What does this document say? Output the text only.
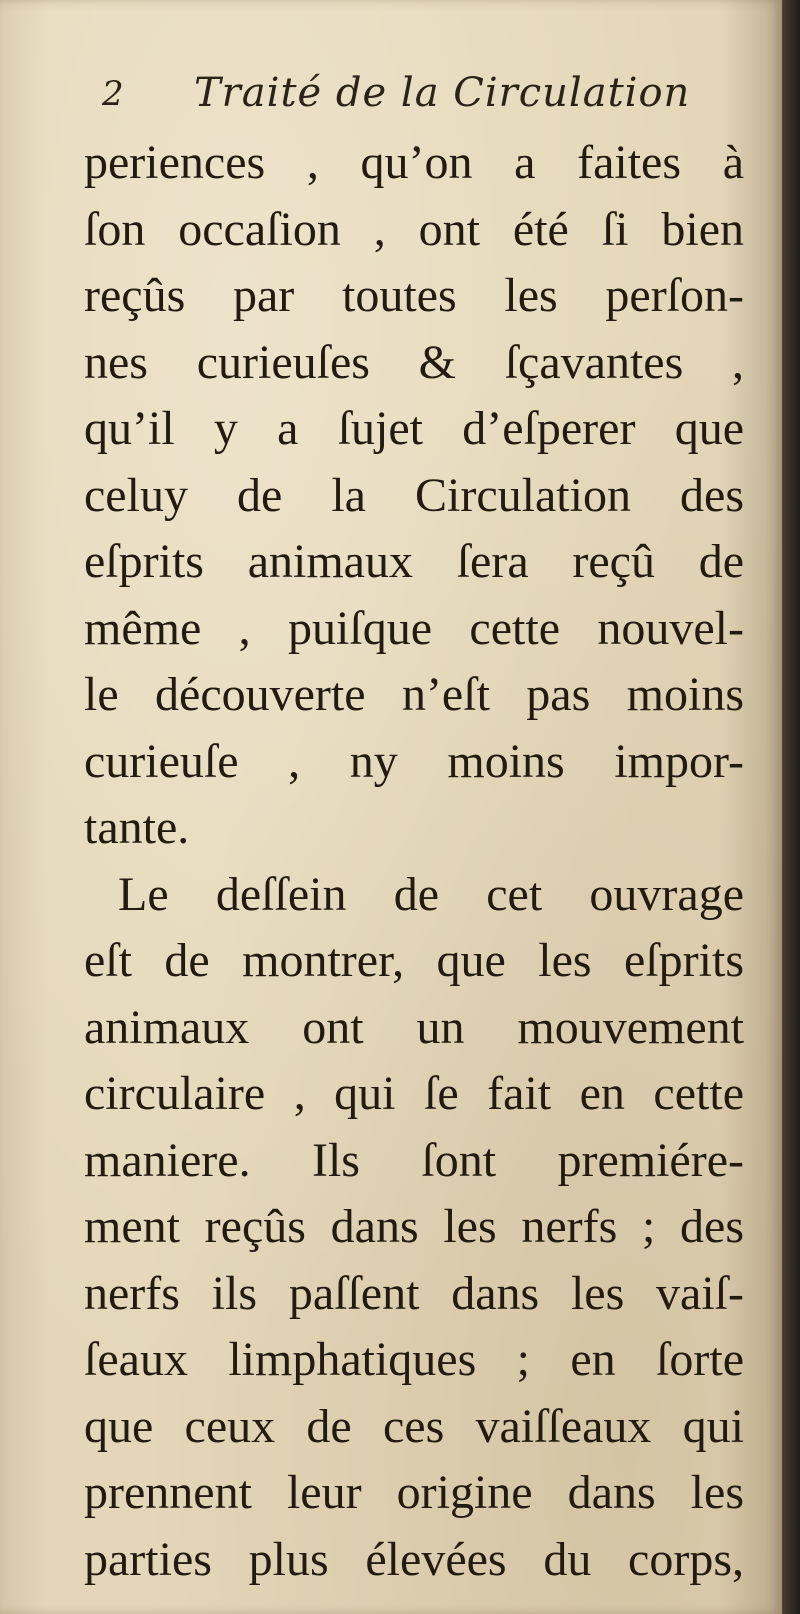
2 Traité de la Circulation
periences , qu’on a faites à
ſon occaſion , ont été ſi bien
reçûs par toutes les perſon-
nes curieuſes & ſçavantes ,
qu’il y a ſujet d’eſperer que
celuy de la Circulation des
eſprits animaux ſera reçû de
même , puiſque cette nouvel-
le découverte n’eſt pas moins
curieuſe , ny moins impor-
tante.
Le deſſein de cet ouvrage
eſt de montrer, que les eſprits
animaux ont un mouvement
circulaire , qui ſe fait en cette
maniere. Ils ſont premiére-
ment reçûs dans les nerfs ; des
nerfs ils paſſent dans les vaiſ-
ſeaux limphatiques ; en ſorte
que ceux de ces vaiſſeaux qui
prennent leur origine dans les
parties plus élevées du corps,
